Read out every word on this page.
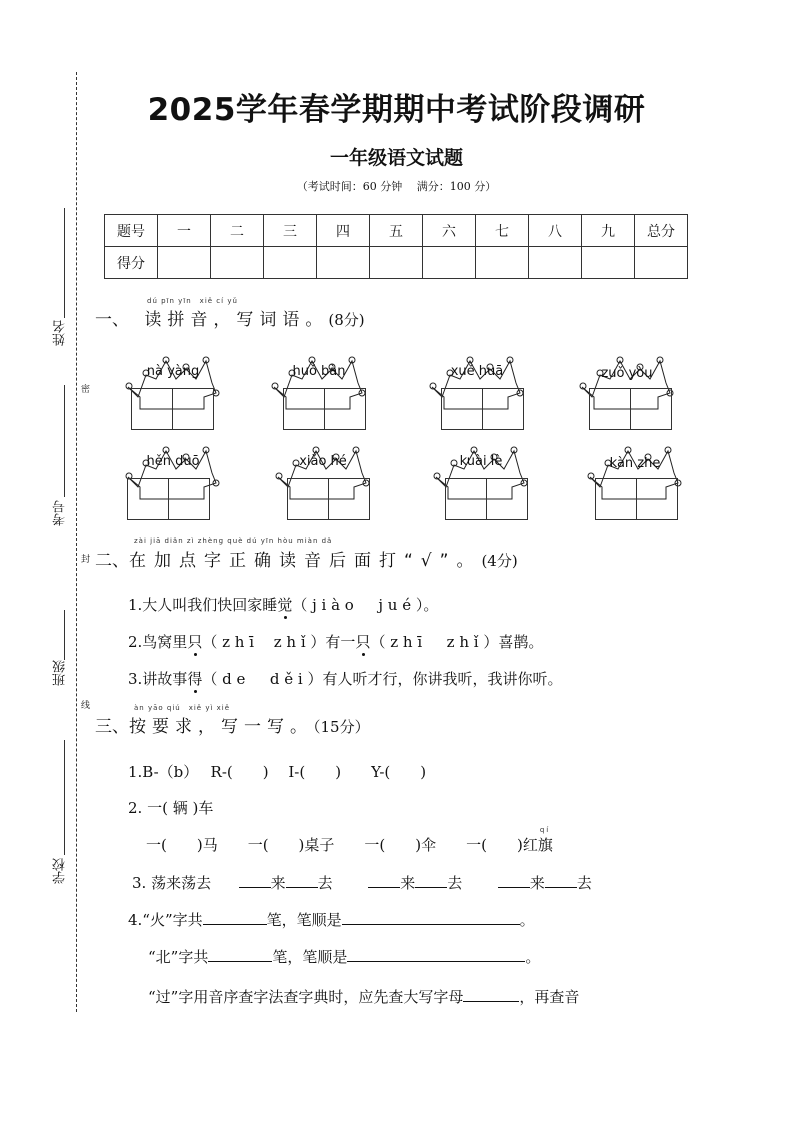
姓名
考号
班级
学校
密
封
线
2025学年春学期期中考试阶段调研
一年级语文试题
（考试时间：60 分钟　 满分：100 分）
题号	一	二	三	四	五	六	七	八	九	总分
得分										
dú pīn yīn　xiě cí yǔ
一、 读拼音，写词语。(8分)
nà yàng	huǒ bàn	xuě huā	zuǒ yòu
hěn duō	xiǎo hé	kuài lè	kàn zhe
zài jiā diǎn zì zhèng què dú yīn hòu miàn dǎ
二、在加点字正确读音后面打“√”。(4分)
1.大人叫我们快回家睡觉（ j i à o 　 j u é ）。
2.鸟窝里只（ z h ī 　z h ǐ ）有一只（ z h ī 　 z h ǐ ）喜鹊。
3.讲故事得（ d e 　 d ě i ）有人听才行，你讲我听，我讲你听。
àn yāo qiú　xiě yì xiě
三、按要求，写一写。（15分）
1.B-（b）　 R-(　　)　 I-(　　)　　Y-(　　)
2. 一( 辆 )车
一(　　)马　　一(　　)桌子　　一(　　)伞　　一(　　)红
qí
旗
3. 荡来荡去	来 去	来 去	来 去
4.“火”字共	笔，笔顺是	。
“北”字共	笔，笔顺是	。
“过”字用音序查字法查字典时，应先查大写字母	，再查音
